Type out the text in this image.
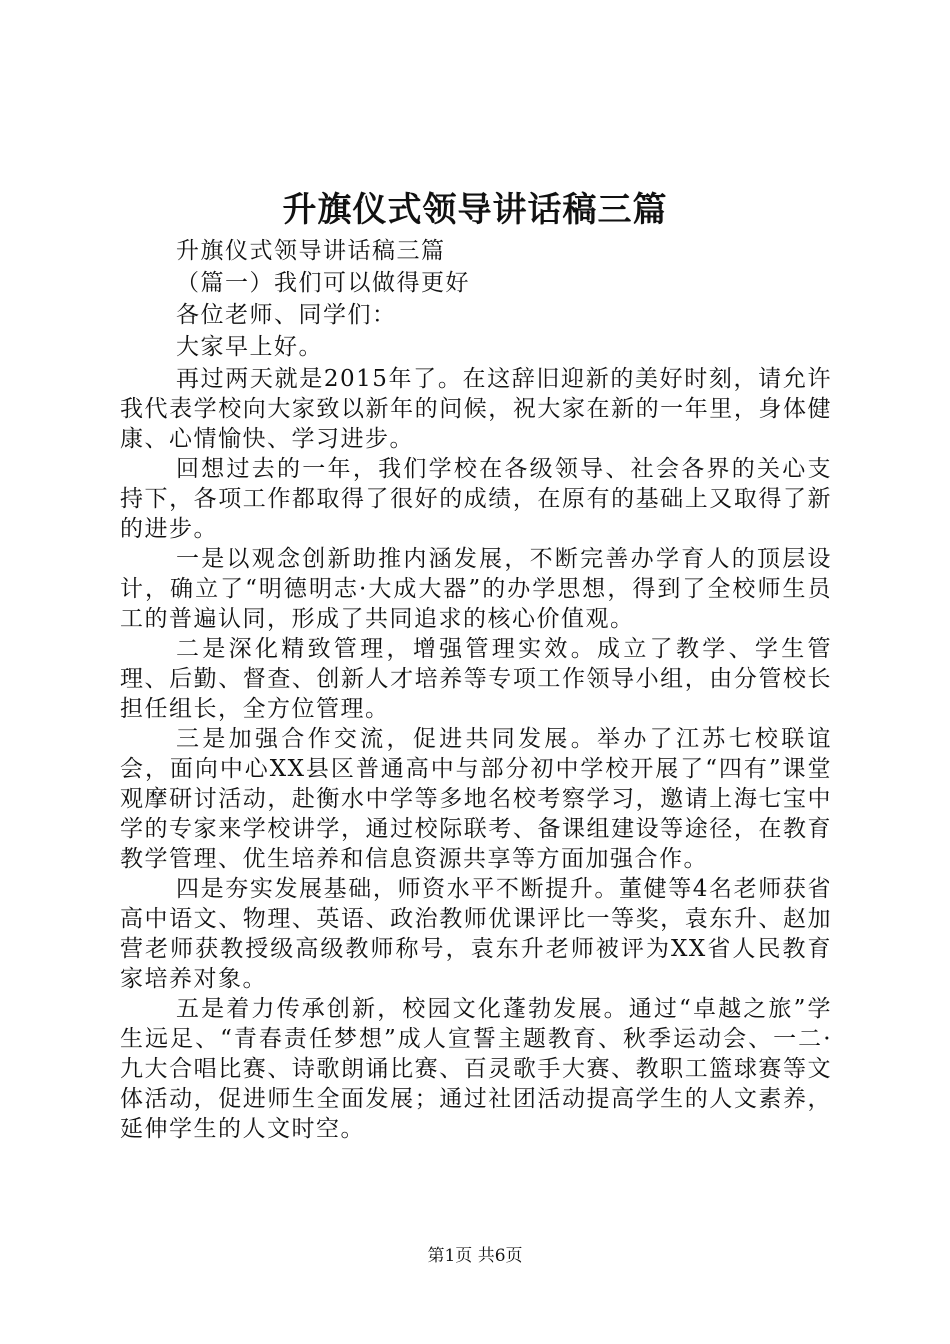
升旗仪式领导讲话稿三篇

升旗仪式领导讲话稿三篇

（篇一）我们可以做得更好

各位老师、同学们：

大家早上好。

再过两天就是2015年了。在这辞旧迎新的美好时刻，请允许我代表学校向大家致以新年的问候，祝大家在新的一年里，身体健康、心情愉快、学习进步。

回想过去的一年，我们学校在各级领导、社会各界的关心支持下，各项工作都取得了很好的成绩，在原有的基础上又取得了新的进步。

一是以观念创新助推内涵发展，不断完善办学育人的顶层设计，确立了“明德明志·大成大器”的办学思想，得到了全校师生员工的普遍认同，形成了共同追求的核心价值观。

二是深化精致管理，增强管理实效。成立了教学、学生管理、后勤、督查、创新人才培养等专项工作领导小组，由分管校长担任组长，全方位管理。

三是加强合作交流，促进共同发展。举办了江苏七校联谊会，面向中心XX县区普通高中与部分初中学校开展了“四有”课堂观摩研讨活动，赴衡水中学等多地名校考察学习，邀请上海七宝中学的专家来学校讲学，通过校际联考、备课组建设等途径，在教育教学管理、优生培养和信息资源共享等方面加强合作。

四是夯实发展基础，师资水平不断提升。董健等4名老师获省高中语文、物理、英语、政治教师优课评比一等奖，袁东升、赵加营老师获教授级高级教师称号，袁东升老师被评为XX省人民教育家培养对象。

五是着力传承创新，校园文化蓬勃发展。通过“卓越之旅”学生远足、“青春责任梦想”成人宣誓主题教育、秋季运动会、一二·九大合唱比赛、诗歌朗诵比赛、百灵歌手大赛、教职工篮球赛等文体活动，促进师生全面发展；通过社团活动提高学生的人文素养，延伸学生的人文时空。

第1页 共6页
